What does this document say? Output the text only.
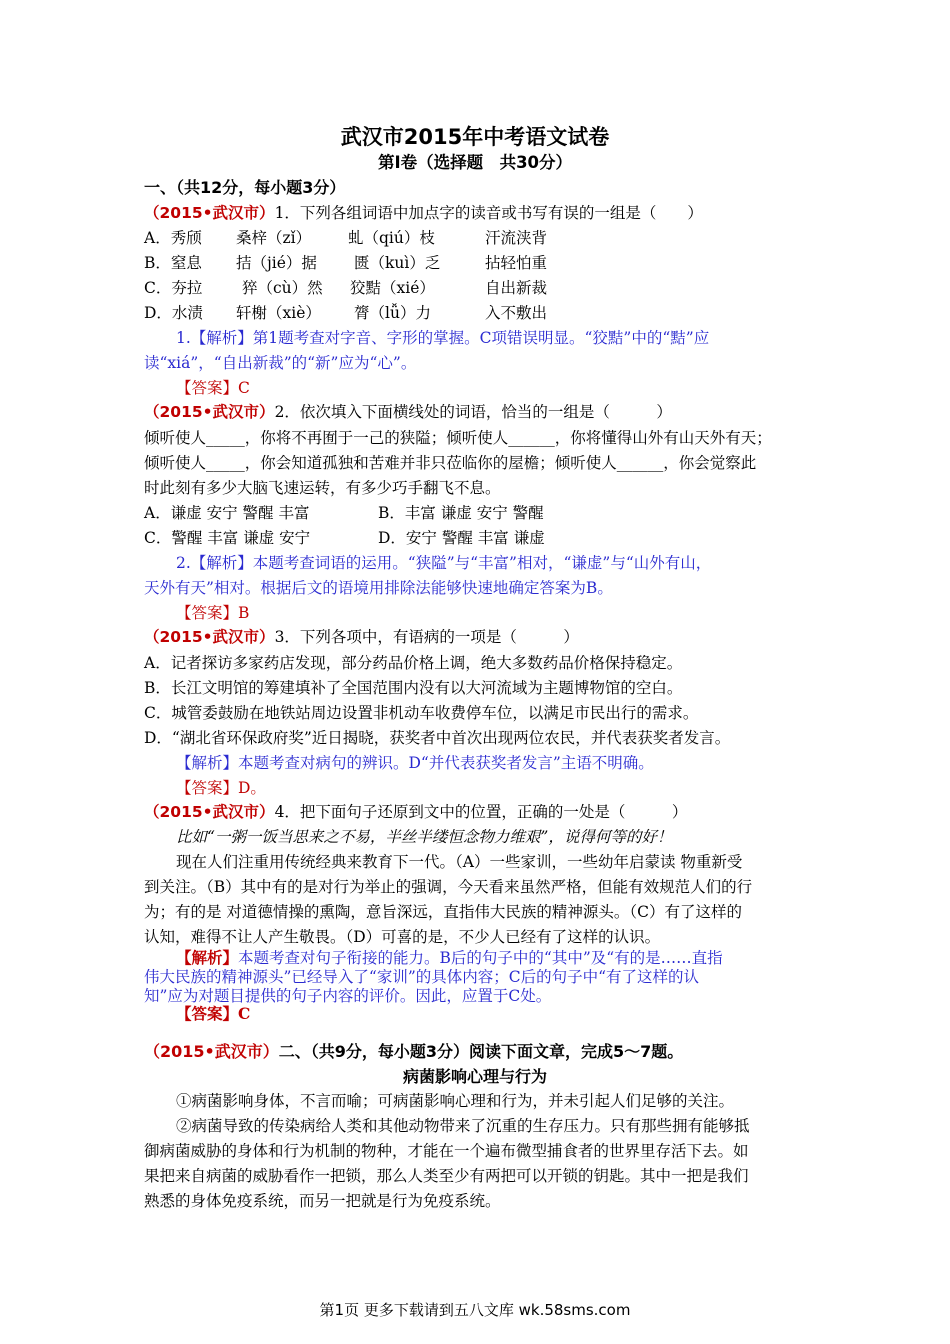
武汉市2015年中考语文试卷
第Ⅰ卷（选择题　共30分）
一、（共12分，每小题3分）
（2015•武汉市）1．下列各组词语中加点字的读音或书写有误的一组是（　　）
A．秀颀 桑梓（zǐ） 虬（qiú）枝	汗流浃背
B．窒息 拮（jié）据 匮（kuì）乏	拈轻怕重
C．夯拉	猝（cù）然 狡黠（xié）	自出新裁
D．水渍 轩榭（xiè） 膂（lǚ）力	入不敷出
1.【解析】第1题考查对字音、字形的掌握。C项错误明显。“狡黠”中的“黠”应
读“xiá”，“自出新裁”的“新”应为“心”。
【答案】C
（2015•武汉市）2．依次填入下面横线处的词语，恰当的一组是（　　　）
倾听使人_____，你将不再囿于一己的狭隘；倾听使人______，你将懂得山外有山天外有天；
倾听使人_____，你会知道孤独和苦难并非只莅临你的屋檐；倾听使人______，你会觉察此
时此刻有多少大脑飞速运转，有多少巧手翻飞不息。
A．谦虚 安宁 警醒 丰富	B．丰富 谦虚 安宁 警醒
C．警醒 丰富 谦虚 安宁	D．安宁 警醒 丰富 谦虚
2.【解析】本题考查词语的运用。“狭隘”与“丰富”相对，“谦虚”与“山外有山，
天外有天”相对。根据后文的语境用排除法能够快速地确定答案为B。
【答案】B
（2015•武汉市）3．下列各项中，有语病的一项是（　　　）
A．记者探访多家药店发现，部分药品价格上调，绝大多数药品价格保持稳定。
B．长江文明馆的筹建填补了全国范围内没有以大河流域为主题博物馆的空白。
C．城管委鼓励在地铁站周边设置非机动车收费停车位，以满足市民出行的需求。
D．“湖北省环保政府奖”近日揭晓，获奖者中首次出现两位农民，并代表获奖者发言。
【解析】本题考查对病句的辨识。D“并代表获奖者发言”主语不明确。
【答案】D。
（2015•武汉市）4．把下面句子还原到文中的位置，正确的一处是（　　　）
比如“一粥一饭当思来之不易，半丝半缕恒念物力维艰”，说得何等的好！
现在人们注重用传统经典来教育下一代。（A）一些家训，一些幼年启蒙读 物重新受
到关注。（B）其中有的是对行为举止的强调，今天看来虽然严格，但能有效规范人们的行
为；有的是 对道德情操的熏陶，意旨深远，直指伟大民族的精神源头。（C）有了这样的
认知，难得不让人产生敬畏。（D）可喜的是，不少人已经有了这样的认识。
【解析】本题考查对句子衔接的能力。B后的句子中的“其中”及“有的是……直指
伟大民族的精神源头”已经导入了“家训”的具体内容；C后的句子中“有了这样的认
知”应为对题目提供的句子内容的评价。因此，应置于C处。
【答案】C
（2015•武汉市）二、（共9分，每小题3分）阅读下面文章，完成5～7题。
病菌影响心理与行为
①病菌影响身体，不言而喻；可病菌影响心理和行为，并未引起人们足够的关注。
②病菌导致的传染病给人类和其他动物带来了沉重的生存压力。只有那些拥有能够抵
御病菌威胁的身体和行为机制的物种，才能在一个遍布微型捕食者的世界里存活下去。如
果把来自病菌的威胁看作一把锁，那么人类至少有两把可以开锁的钥匙。其中一把是我们
熟悉的身体免疫系统，而另一把就是行为免疫系统。
第1页 更多下载请到五八文库 wk.58sms.com
